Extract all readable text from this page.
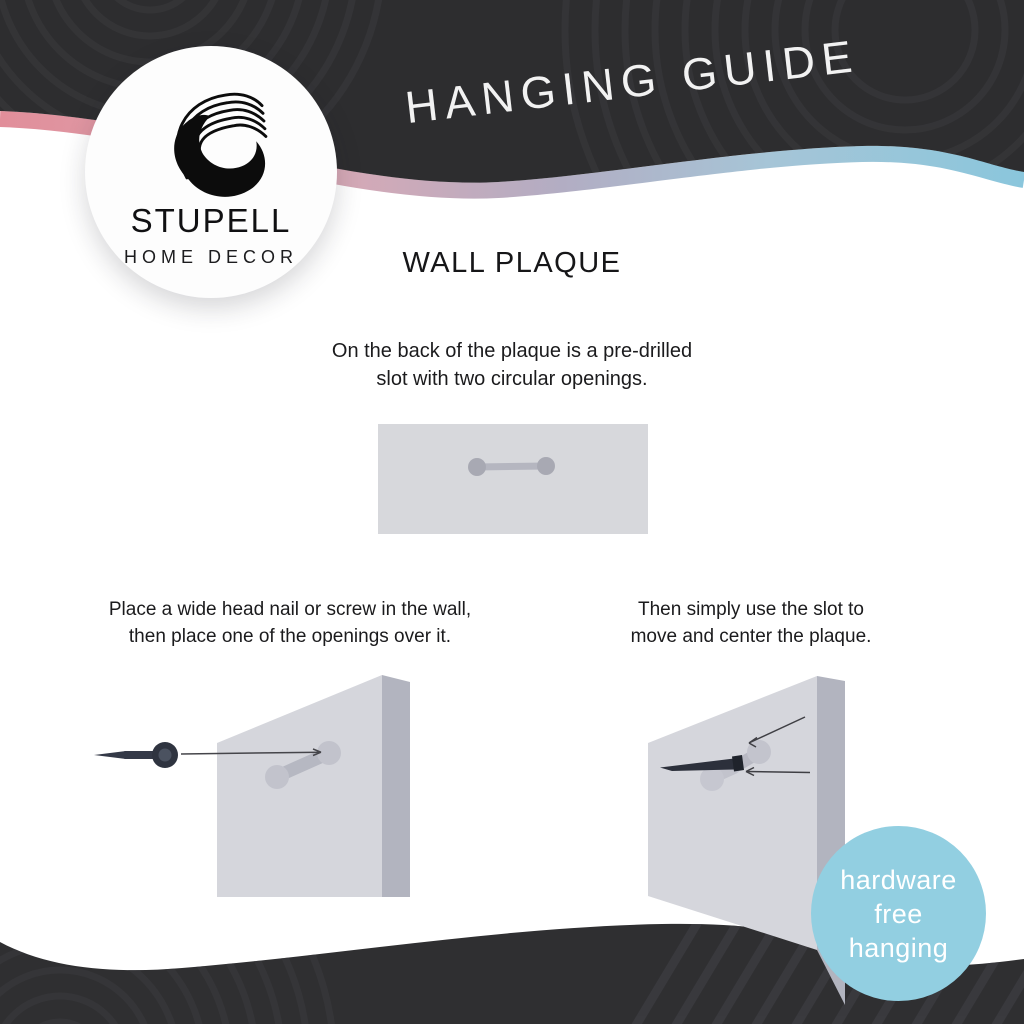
HANGING GUIDE
STUPELL
HOME DECOR	WALL PLAQUE
On the back of the plaque is a pre-drilled
slot with two circular openings.
Place a wide head nail or screw in the wall,
then place one of the openings over it.
Then simply use the slot to
move and center the plaque.
hardware
free
hanging
